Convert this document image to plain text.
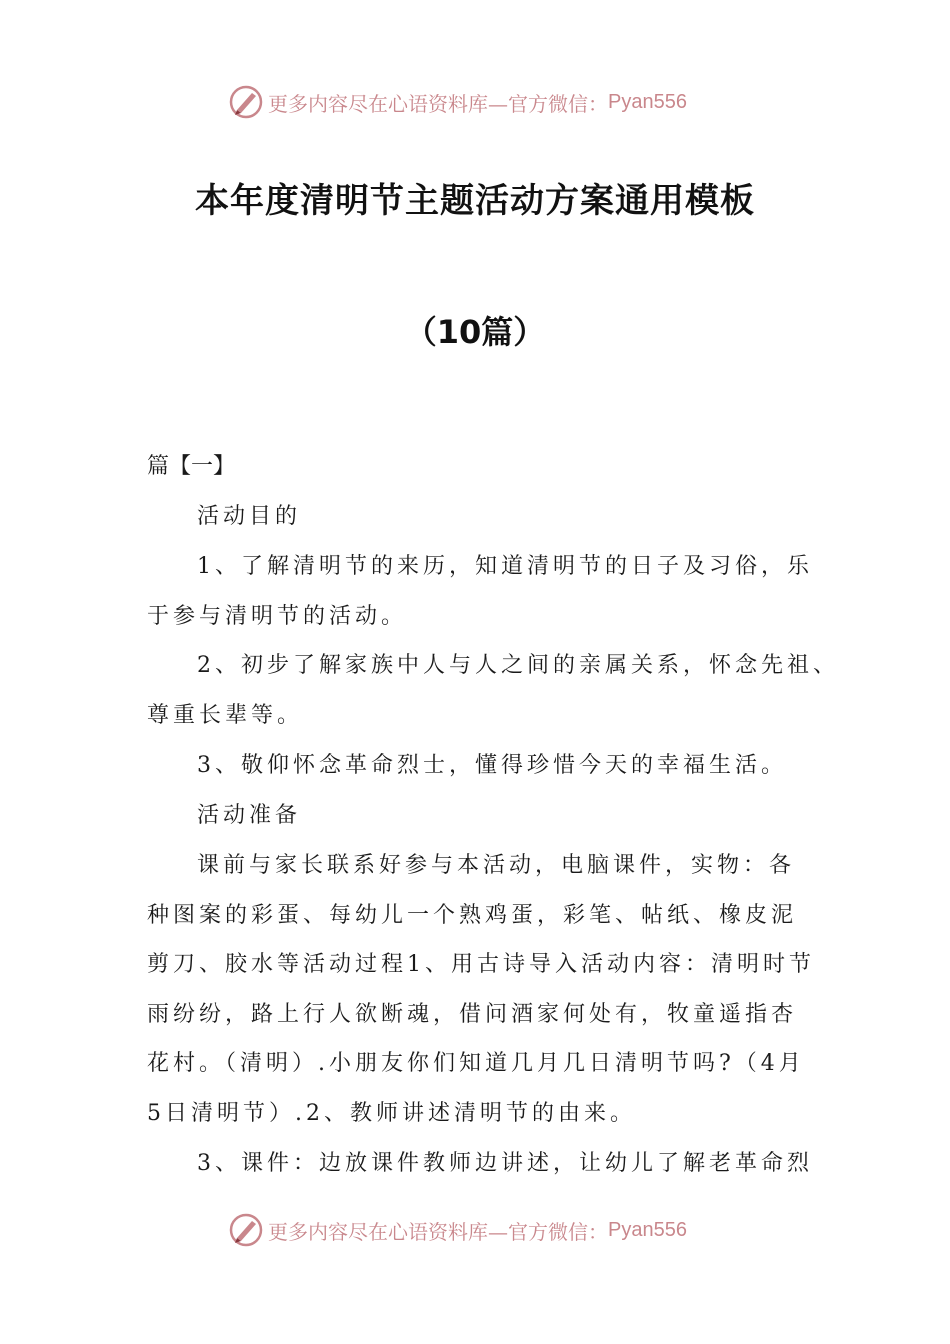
更多内容尽在心语资料库—官方微信： Pyan556
本年度清明节主题活动方案通用模板
（10篇）
篇【一】
活动目的
1、了解清明节的来历，知道清明节的日子及习俗，乐
于参与清明节的活动。
2、初步了解家族中人与人之间的亲属关系，怀念先祖、
尊重长辈等。
3、敬仰怀念革命烈士，懂得珍惜今天的幸福生活。
活动准备
课前与家长联系好参与本活动，电脑课件，实物：各
种图案的彩蛋、每幼儿一个熟鸡蛋，彩笔、帖纸、橡皮泥
剪刀、胶水等活动过程1、用古诗导入活动内容：清明时节
雨纷纷，路上行人欲断魂，借问酒家何处有，牧童遥指杏
花村。（清明）.小朋友你们知道几月几日清明节吗?（4月
5日清明节）.2、教师讲述清明节的由来。
3、课件：边放课件教师边讲述，让幼儿了解老革命烈
更多内容尽在心语资料库—官方微信： Pyan556
